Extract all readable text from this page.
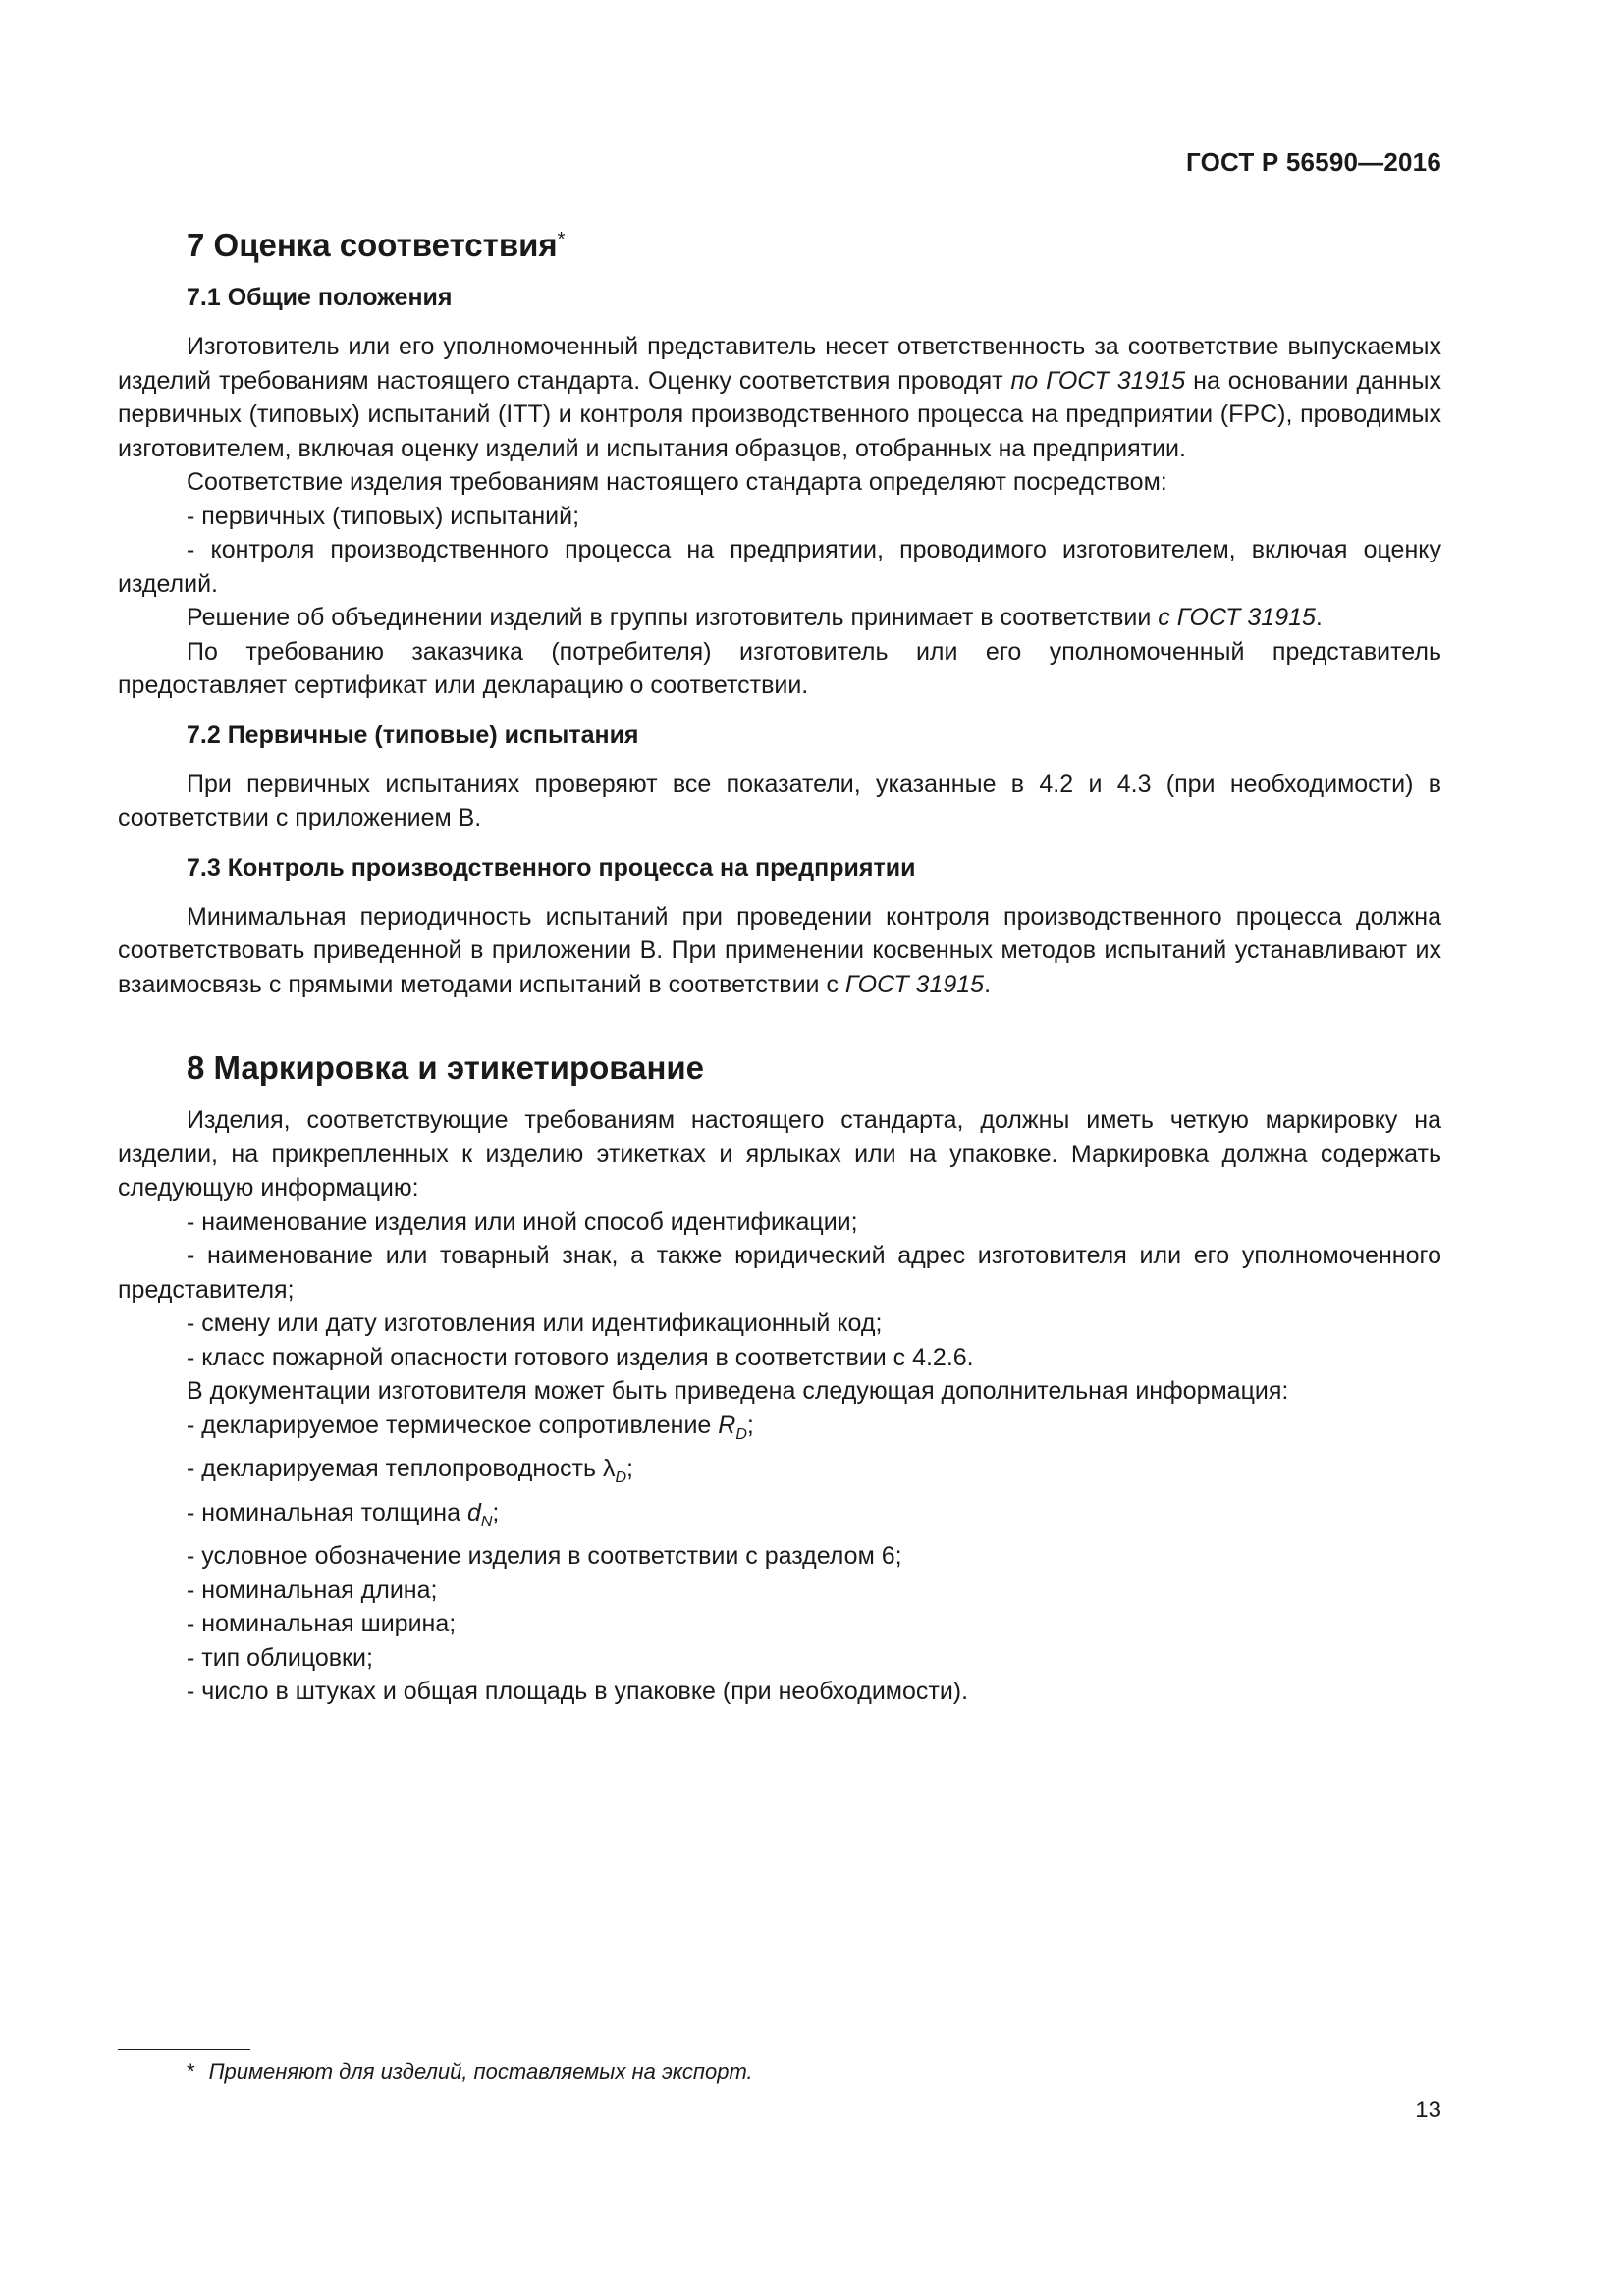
ГОСТ Р 56590—2016
7 Оценка соответствия*
7.1 Общие положения

Изготовитель или его уполномоченный представитель несет ответственность за соответствие выпускаемых изделий требованиям настоящего стандарта. Оценку соответствия проводят по ГОСТ 31915 на основании данных первичных (типовых) испытаний (ITT) и контроля производственного процесса на предприятии (FPC), проводимых изготовителем, включая оценку изделий и испытания образцов, отобранных на предприятии.

Соответствие изделия требованиям настоящего стандарта определяют посредством:

- первичных (типовых) испытаний;

- контроля производственного процесса на предприятии, проводимого изготовителем, включая оценку изделий.

Решение об объединении изделий в группы изготовитель принимает в соответствии с ГОСТ 31915.

По требованию заказчика (потребителя) изготовитель или его уполномоченный представитель предоставляет сертификат или декларацию о соответствии.

7.2 Первичные (типовые) испытания

При первичных испытаниях проверяют все показатели, указанные в 4.2 и 4.3 (при необходимости) в соответствии с приложением В.

7.3 Контроль производственного процесса на предприятии

Минимальная периодичность испытаний при проведении контроля производственного процесса должна соответствовать приведенной в приложении В. При применении косвенных методов испытаний устанавливают их взаимосвязь с прямыми методами испытаний в соответствии с ГОСТ 31915.

8 Маркировка и этикетирование

Изделия, соответствующие требованиям настоящего стандарта, должны иметь четкую маркировку на изделии, на прикрепленных к изделию этикетках и ярлыках или на упаковке. Маркировка должна содержать следующую информацию:

- наименование изделия или иной способ идентификации;

- наименование или товарный знак, а также юридический адрес изготовителя или его уполномоченного представителя;

- смену или дату изготовления или идентификационный код;

- класс пожарной опасности готового изделия в соответствии с 4.2.6.

В документации изготовителя может быть приведена следующая дополнительная информация:

- декларируемое термическое сопротивление $R_D$;

- декларируемая теплопроводность $\lambda_D$;

- номинальная толщина $d_N$;

- условное обозначение изделия в соответствии с разделом 6;

- номинальная длина;

- номинальная ширина;

- тип облицовки;

- число в штуках и общая площадь в упаковке (при необходимости).

* Применяют для изделий, поставляемых на экспорт.
13
